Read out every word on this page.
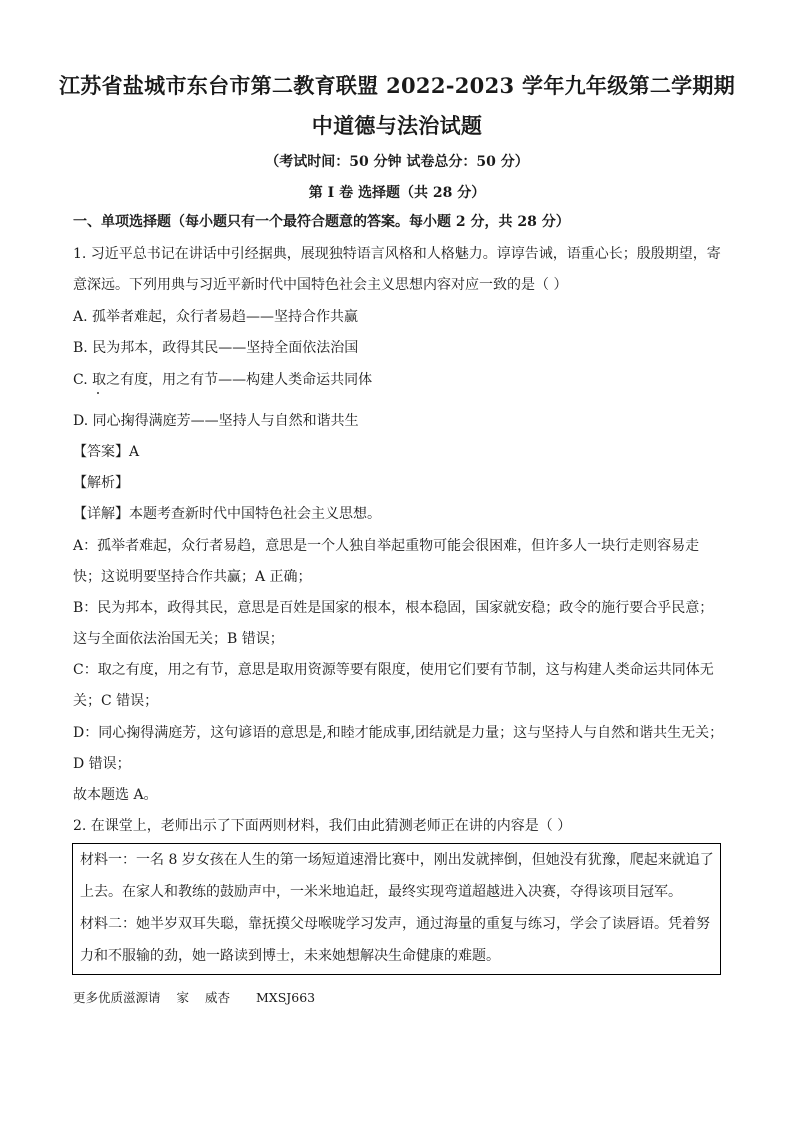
江苏省盐城市东台市第二教育联盟 2022-2023 学年九年级第二学期期
中道德与法治试题
（考试时间：50 分钟 试卷总分：50 分）
第 I 卷 选择题（共 28 分）
一、单项选择题（每小题只有一个最符合题意的答案。每小题 2 分，共 28 分）
1. 习近平总书记在讲话中引经据典，展现独特语言风格和人格魅力。谆谆告诫，语重心长；殷殷期望，寄
意深远。下列用典与习近平新时代中国特色社会主义思想内容对应一致的是（ ）
A. 孤举者难起，众行者易趋——坚持合作共赢
B. 民为邦本，政得其民——坚持全面依法治国
C. 取之有度，用之有节——构建人类命运共同体
D. 同心掬得满庭芳——坚持人与自然和谐共生
【答案】A
【解析】
【详解】本题考查新时代中国特色社会主义思想。
A：孤举者难起，众行者易趋，意思是一个人独自举起重物可能会很困难，但许多人一块行走则容易走
快；这说明要坚持合作共赢；A 正确；
B：民为邦本，政得其民，意思是百姓是国家的根本，根本稳固，国家就安稳；政令的施行要合乎民意；
这与全面依法治国无关；B 错误；
C：取之有度，用之有节，意思是取用资源等要有限度，使用它们要有节制，这与构建人类命运共同体无
关；C 错误；
D：同心掬得满庭芳，这句谚语的意思是,和睦才能成事,团结就是力量；这与坚持人与自然和谐共生无关；
D 错误；
故本题选 A。
2. 在课堂上，老师出示了下面两则材料，我们由此猜测老师正在讲的内容是（ ）
材料一：一名 8 岁女孩在人生的第一场短道速滑比赛中，刚出发就摔倒，但她没有犹豫，爬起来就追了
上去。在家人和教练的鼓励声中，一米米地追赶，最终实现弯道超越进入决赛，夺得该项目冠军。
材料二：她半岁双耳失聪，靠抚摸父母喉咙学习发声，通过海量的重复与练习，学会了读唇语。凭着努
力和不服输的劲，她一路读到博士，未来她想解决生命健康的难题。
更多优质滋源请 家 威杏 MXSJ663
